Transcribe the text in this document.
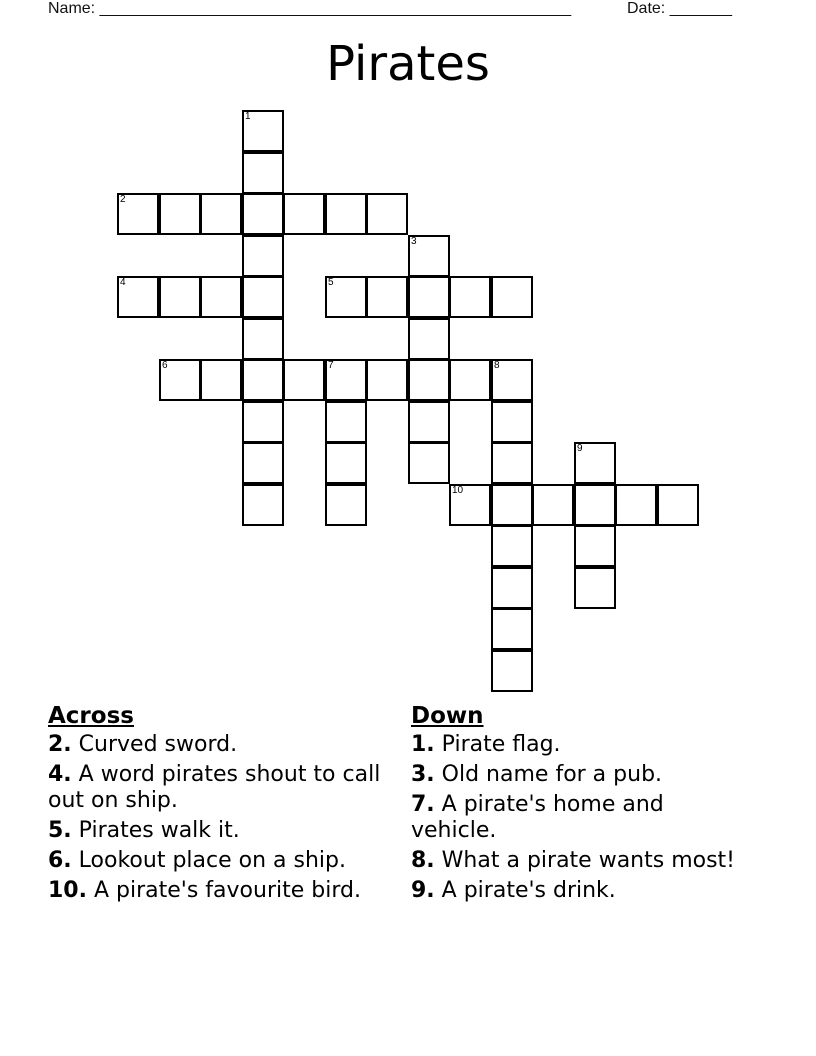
Name: _____________________________________________________	Date: _______
Pirates
1
2
3
4	5
6	7	8
9
10
Across
2. Curved sword.
4. A word pirates shout to call out on ship.
5. Pirates walk it.
6. Lookout place on a ship.
10. A pirate's favourite bird.
Down
1. Pirate flag.
3. Old name for a pub.
7. A pirate's home and vehicle.
8. What a pirate wants most!
9. A pirate's drink.
